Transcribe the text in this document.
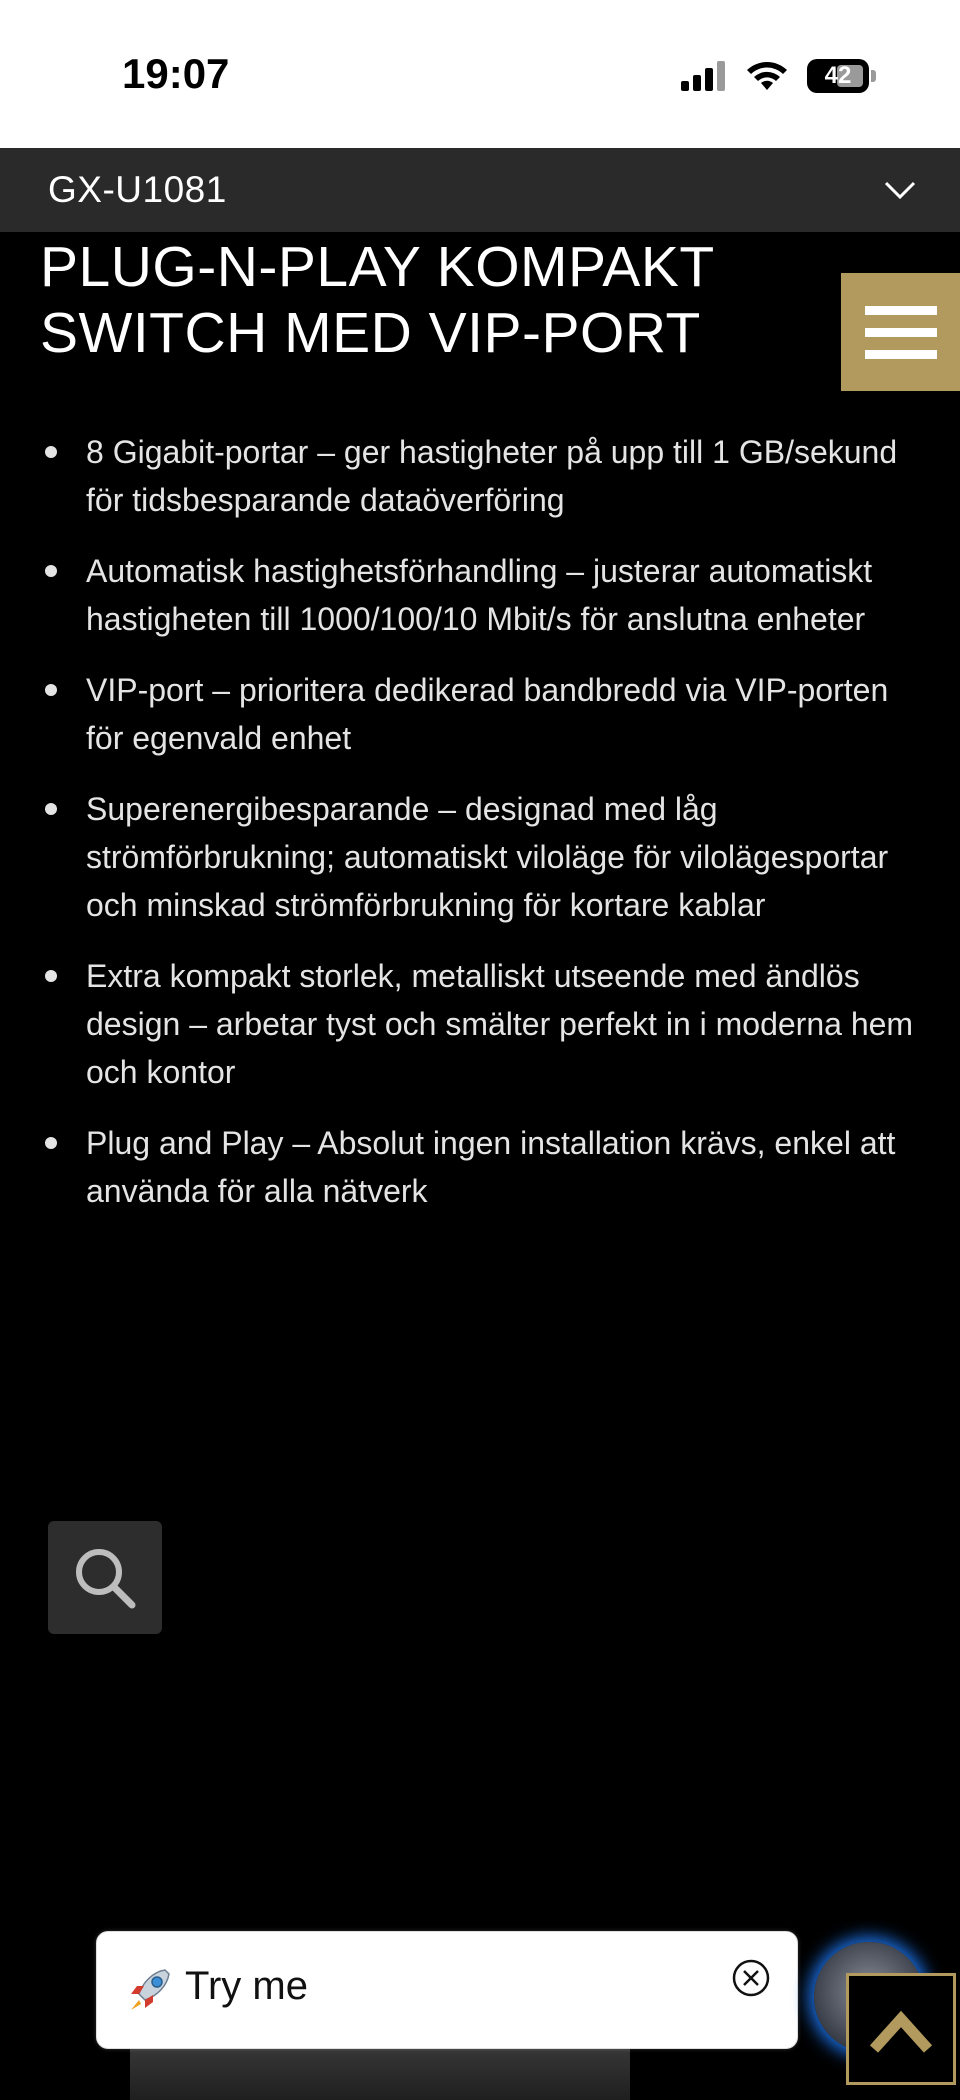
19:07	42
GX-U1081
PLUG-N-PLAY KOMPAKT
SWITCH MED VIP-PORT
8 Gigabit-portar – ger hastigheter på upp till 1 GB/sekund för tidsbesparande dataöverföring
Automatisk hastighetsförhandling – justerar automatiskt hastigheten till 1000/100/10 Mbit/s för anslutna enheter
VIP-port – prioritera dedikerad bandbredd via VIP-porten för egenvald enhet
Superenergibesparande – designad med låg strömförbrukning; automatiskt viloläge för vilolägesportar och minskad strömförbrukning för kortare kablar
Extra kompakt storlek, metalliskt utseende med ändlös design – arbetar tyst och smälter perfekt in i moderna hem och kontor
Plug and Play – Absolut ingen installation krävs, enkel att använda för alla nätverk
Try me
